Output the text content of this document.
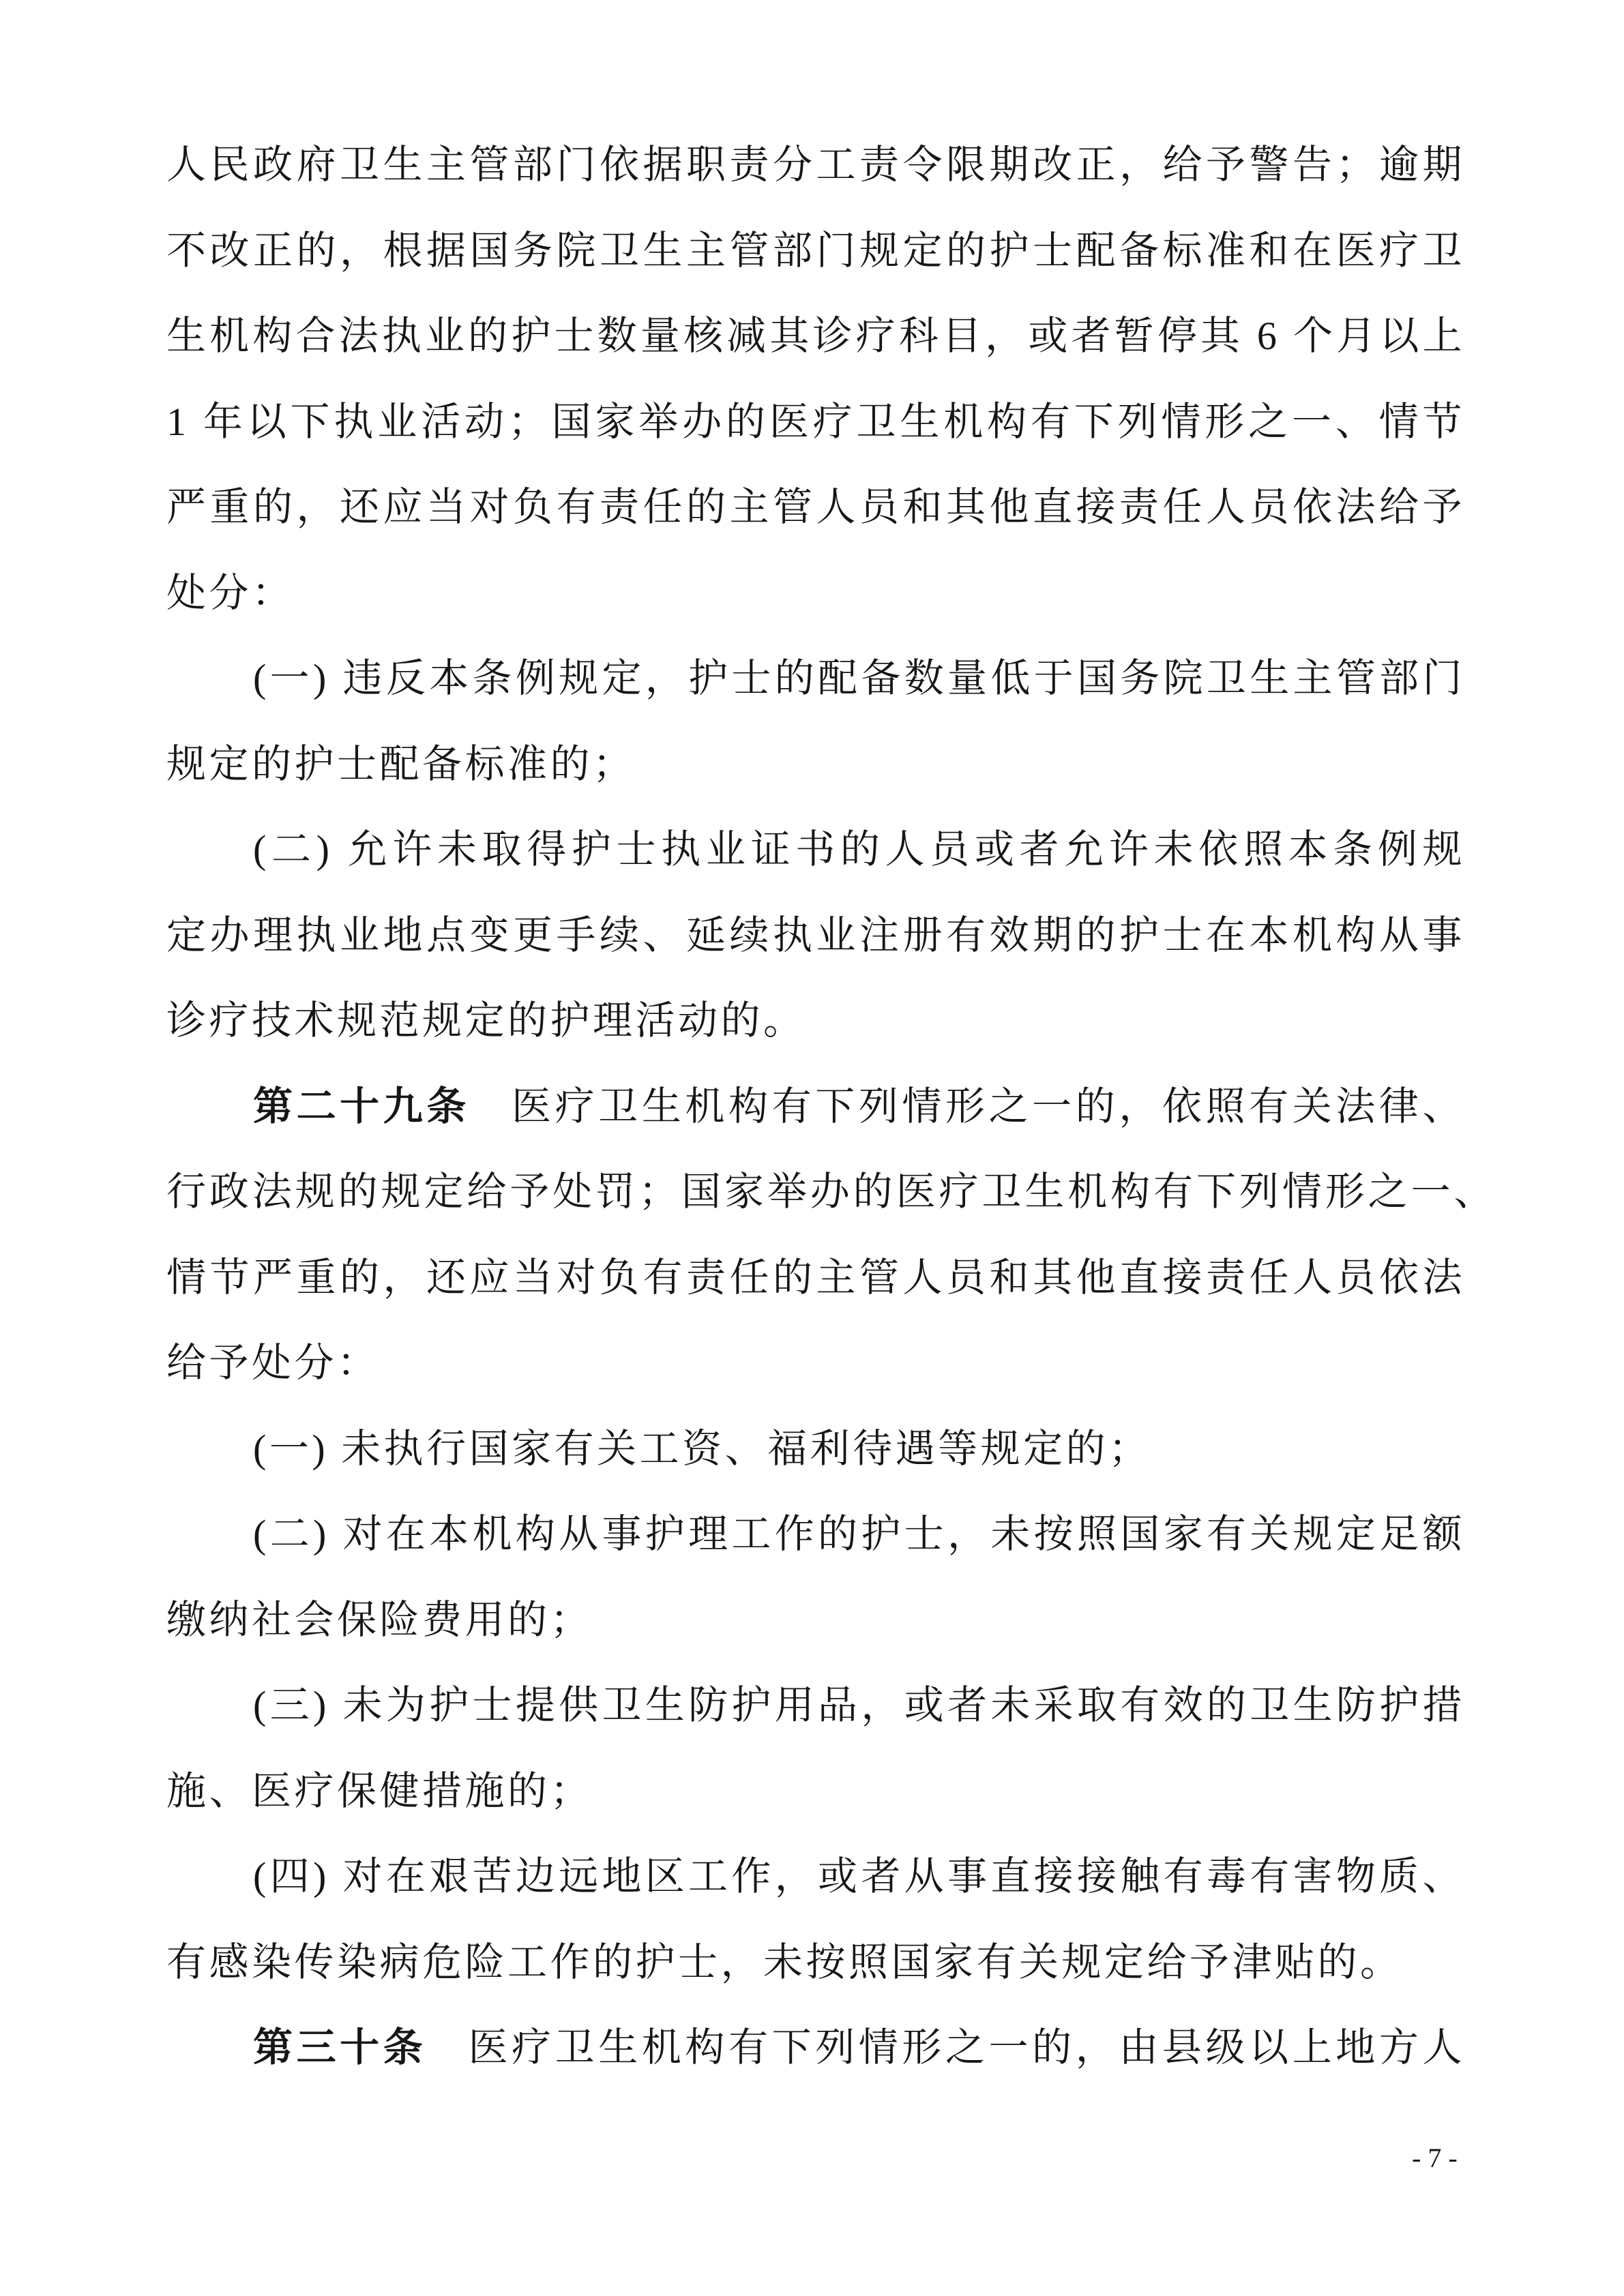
人民政府卫生主管部门依据职责分工责令限期改正，给予警告；逾期
不改正的，根据国务院卫生主管部门规定的护士配备标准和在医疗卫
生机构合法执业的护士数量核减其诊疗科目，或者暂停其 6 个月以上
1 年以下执业活动；国家举办的医疗卫生机构有下列情形之一、情节
严重的，还应当对负有责任的主管人员和其他直接责任人员依法给予
处分：
(一) 违反本条例规定，护士的配备数量低于国务院卫生主管部门
规定的护士配备标准的；
(二) 允许未取得护士执业证书的人员或者允许未依照本条例规
定办理执业地点变更手续、延续执业注册有效期的护士在本机构从事
诊疗技术规范规定的护理活动的。
第二十九条 医疗卫生机构有下列情形之一的，依照有关法律、
行政法规的规定给予处罚；国家举办的医疗卫生机构有下列情形之一、
情节严重的，还应当对负有责任的主管人员和其他直接责任人员依法
给予处分：
(一) 未执行国家有关工资、福利待遇等规定的；
(二) 对在本机构从事护理工作的护士，未按照国家有关规定足额
缴纳社会保险费用的；
(三) 未为护士提供卫生防护用品，或者未采取有效的卫生防护措
施、医疗保健措施的；
(四) 对在艰苦边远地区工作，或者从事直接接触有毒有害物质、
有感染传染病危险工作的护士，未按照国家有关规定给予津贴的。
第三十条 医疗卫生机构有下列情形之一的，由县级以上地方人
- 7 -
